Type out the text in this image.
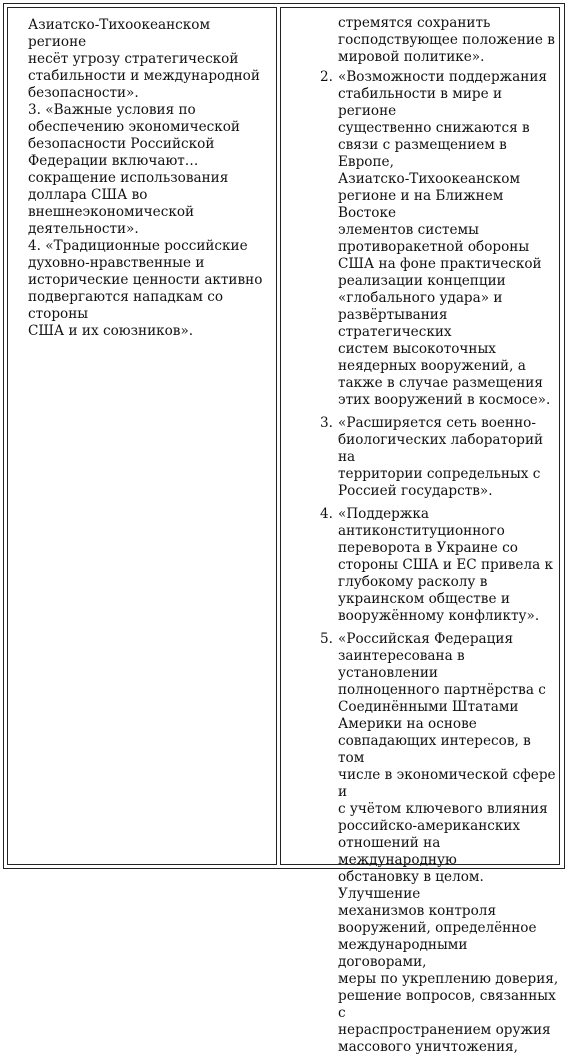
Азиатско-Тихоокеанском регионе
несёт угрозу стратегической
стабильности и международной
безопасности».

3. «Важные условия по
обеспечению экономической
безопасности Российской
Федерации включают…
сокращение использования
доллара США во
внешнеэкономической
деятельности».

4. «Традиционные российские
духовно-нравственные и
исторические ценности активно
подвергаются нападкам со стороны
США и их союзников».

стремятся сохранить
господствующее положение в
мировой политике».

2. «Возможности поддержания
стабильности в мире и регионе
существенно снижаются в
связи с размещением в Европе,
Азиатско-Тихоокеанском
регионе и на Ближнем Востоке
элементов системы
противоракетной обороны
США на фоне практической
реализации концепции
«глобального удара» и
развёртывания стратегических
систем высокоточных
неядерных вооружений, а
также в случае размещения
этих вооружений в космосе».

3. «Расширяется сеть военно-
биологических лабораторий на
территории сопредельных с
Россией государств».

4. «Поддержка
антиконституционного
переворота в Украине со
стороны США и ЕС привела к
глубокому расколу в
украинском обществе и
вооружённому конфликту».

5. «Российская Федерация
заинтересована в установлении
полноценного партнёрства с
Соединёнными Штатами
Америки на основе
совпадающих интересов, в том
числе в экономической сфере и
с учётом ключевого влияния
российско-американских
отношений на международную
обстановку в целом. Улучшение
механизмов контроля
вооружений, определённое
международными договорами,
меры по укреплению доверия,
решение вопросов, связанных с
нераспространением оружия
массового уничтожения,
